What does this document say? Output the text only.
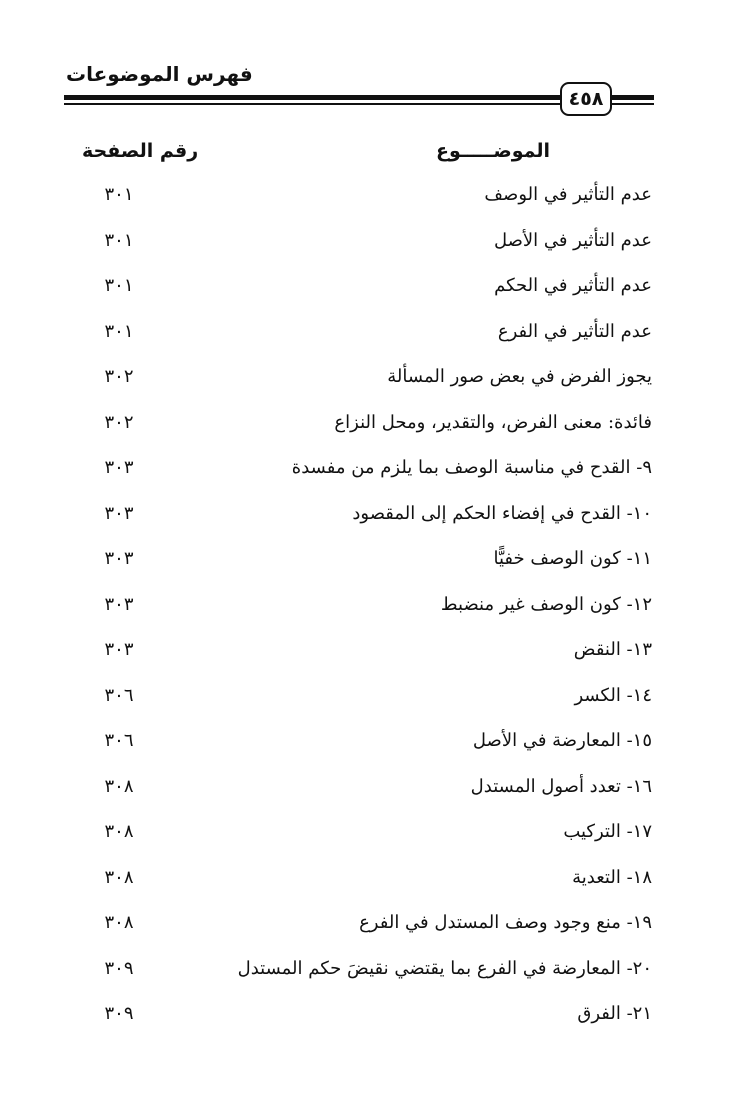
فهرس الموضوعات
٤٥٨
الموضـــــوع
رقم الصفحة
عدم التأثير في الوصف
٣٠١
عدم التأثير في الأصل
٣٠١
عدم التأثير في الحكم
٣٠١
عدم التأثير في الفرع
٣٠١
يجوز الفرض في بعض صور المسألة
٣٠٢
فائدة: معنى الفرض، والتقدير، ومحل النزاع
٣٠٢
٩- القدح في مناسبة الوصف بما يلزم من مفسدة
٣٠٣
١٠- القدح في إفضاء الحكم إلى المقصود
٣٠٣
١١- كون الوصف خفيًّا
٣٠٣
١٢- كون الوصف غير منضبط
٣٠٣
١٣- النقض
٣٠٣
١٤- الكسر
٣٠٦
١٥- المعارضة في الأصل
٣٠٦
١٦- تعدد أصول المستدل
٣٠٨
١٧- التركيب
٣٠٨
١٨- التعدية
٣٠٨
١٩- منع وجود وصف المستدل في الفرع
٣٠٨
٢٠- المعارضة في الفرع بما يقتضي نقيضَ حكم المستدل
٣٠٩
٢١- الفرق
٣٠٩
